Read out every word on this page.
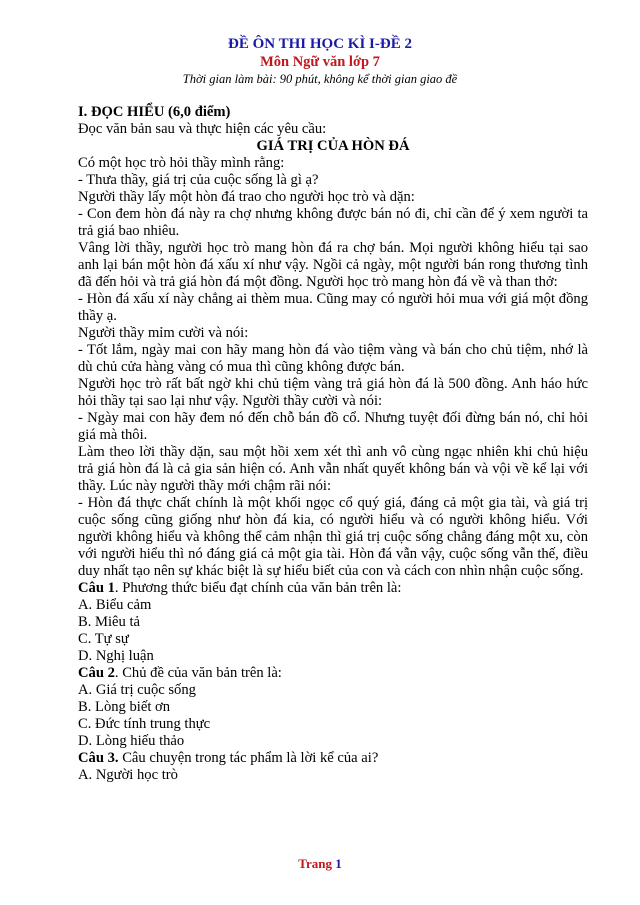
ĐỀ ÔN THI HỌC KÌ I-ĐỀ 2
Môn Ngữ văn lớp 7
Thời gian làm bài: 90 phút, không kể thời gian giao đề

I. ĐỌC HIỂU (6,0 điểm)

Đọc văn bản sau và thực hiện các yêu cầu:

GIÁ TRỊ CỦA HÒN ĐÁ

Có một học trò hỏi thầy mình rằng:

- Thưa thầy, giá trị của cuộc sống là gì ạ?

Người thầy lấy một hòn đá trao cho người học trò và dặn:

- Con đem hòn đá này ra chợ nhưng không được bán nó đi, chỉ cần để ý xem người ta trả giá bao nhiêu.

Vâng lời thầy, người học trò mang hòn đá ra chợ bán. Mọi người không hiểu tại sao anh lại bán một hòn đá xấu xí như vậy. Ngồi cả ngày, một người bán rong thương tình đã đến hỏi và trả giá hòn đá một đồng. Người học trò mang hòn đá về và than thở:

- Hòn đá xấu xí này chẳng ai thèm mua. Cũng may có người hỏi mua với giá một đồng thầy ạ.

Người thầy mỉm cười và nói:

- Tốt lắm, ngày mai con hãy mang hòn đá vào tiệm vàng và bán cho chủ tiệm, nhớ là dù chủ cửa hàng vàng có mua thì cũng không được bán.

Người học trò rất bất ngờ khi chủ tiệm vàng trả giá hòn đá là 500 đồng. Anh háo hức hỏi thầy tại sao lại như vậy. Người thầy cười và nói:

- Ngày mai con hãy đem nó đến chỗ bán đồ cổ. Nhưng tuyệt đối đừng bán nó, chỉ hỏi giá mà thôi.

Làm theo lời thầy dặn, sau một hồi xem xét thì anh vô cùng ngạc nhiên khi chủ hiệu trả giá hòn đá là cả gia sản hiện có. Anh vẫn nhất quyết không bán và vội về kể lại với thầy. Lúc này người thầy mới chậm rãi nói:

- Hòn đá thực chất chính là một khối ngọc cổ quý giá, đáng cả một gia tài, và giá trị cuộc sống cũng giống như hòn đá kia, có người hiểu và có người không hiểu. Với người không hiểu và không thể cảm nhận thì giá trị cuộc sống chẳng đáng một xu, còn với người hiểu thì nó đáng giá cả một gia tài. Hòn đá vẫn vậy, cuộc sống vẫn thế, điều duy nhất tạo nên sự khác biệt là sự hiểu biết của con và cách con nhìn nhận cuộc sống.

Câu 1. Phương thức biểu đạt chính của văn bản trên là:

A. Biểu cảm

B. Miêu tả

C. Tự sự

D. Nghị luận

Câu 2. Chủ đề của văn bản trên là:

A. Giá trị cuộc sống

B. Lòng biết ơn

C. Đức tính trung thực

D. Lòng hiếu thảo

Câu 3. Câu chuyện trong tác phẩm là lời kể của ai?

A. Người học trò

Trang 1
